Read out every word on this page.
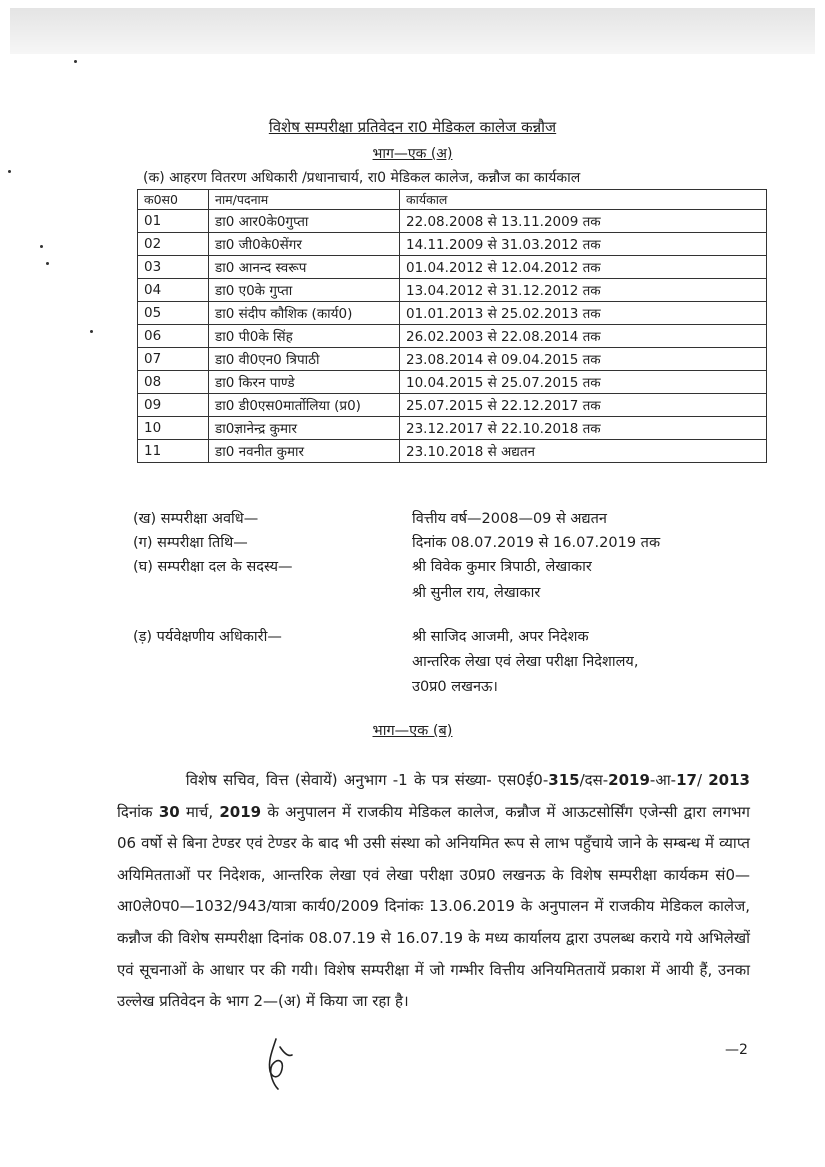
विशेष सम्परीक्षा प्रतिवेदन रा0 मेडिकल कालेज कन्नौज
भाग—एक (अ)
(क) आहरण वितरण अधिकारी /प्रधानाचार्य, रा0 मेडिकल कालेज, कन्नौज का कार्यकाल
क0स0	नाम/पदनाम	कार्यकाल
01	डा0 आर0के0गुप्ता	22.08.2008 से 13.11.2009 तक
02	डा0 जी0के0सेंगर	14.11.2009 से 31.03.2012 तक
03	डा0 आनन्द स्वरूप	01.04.2012 से 12.04.2012 तक
04	डा0 ए0के गुप्ता	13.04.2012 से 31.12.2012 तक
05	डा0 संदीप कौशिक (कार्य0)	01.01.2013 से 25.02.2013 तक
06	डा0 पी0के सिंह	26.02.2003 से 22.08.2014 तक
07	डा0 वी0एन0 त्रिपाठी	23.08.2014 से 09.04.2015 तक
08	डा0 किरन पाण्डे	10.04.2015 से 25.07.2015 तक
09	डा0 डी0एस0मार्तोलिया (प्र0)	25.07.2015 से 22.12.2017 तक
10	डा0ज्ञानेन्द्र कुमार	23.12.2017 से 22.10.2018 तक
11	डा0 नवनीत कुमार	23.10.2018 से अद्यतन
(ख) सम्परीक्षा अवधि—	वित्तीय वर्ष—2008—09 से अद्यतन
(ग) सम्परीक्षा तिथि—	दिनांक 08.07.2019 से 16.07.2019 तक
(घ) सम्परीक्षा दल के सदस्य—	श्री विवेक कुमार त्रिपाठी, लेखाकार
श्री सुनील राय, लेखाकार
(ड़) पर्यवेक्षणीय अधिकारी—	श्री साजिद आजमी, अपर निदेशक
आन्तरिक लेखा एवं लेखा परीक्षा निदेशालय,
उ0प्र0 लखनऊ।
भाग—एक (ब)
विशेष सचिव, वित्त (सेवायें) अनुभाग -1 के पत्र संख्या- एस0ई0-315/दस-2019-आ-17/ 2013 दिनांक 30 मार्च, 2019 के अनुपालन में राजकीय मेडिकल कालेज, कन्नौज में आऊटसोर्सिंग एजेन्सी द्वारा लगभग 06 वर्षो से बिना टेण्डर एवं टेण्डर के बाद भी उसी संस्था को अनियमित रूप से लाभ पहुँचाये जाने के सम्बन्ध में व्याप्त अयिमितताओं पर निदेशक, आन्तरिक लेखा एवं लेखा परीक्षा उ0प्र0 लखनऊ के विशेष सम्परीक्षा कार्यकम सं0—आ0ले0प0—1032/943/यात्रा कार्य0/2009 दिनांकः 13.06.2019 के अनुपालन में राजकीय मेडिकल कालेज, कन्नौज की विशेष सम्परीक्षा दिनांक 08.07.19 से 16.07.19 के मध्य कार्यालय द्वारा उपलब्ध कराये गये अभिलेखों एवं सूचनाओं के आधार पर की गयी। विशेष सम्परीक्षा में जो गम्भीर वित्तीय अनियमिततायें प्रकाश में आयी हैं, उनका उल्लेख प्रतिवेदन के भाग 2—(अ) में किया जा रहा है।
—2
